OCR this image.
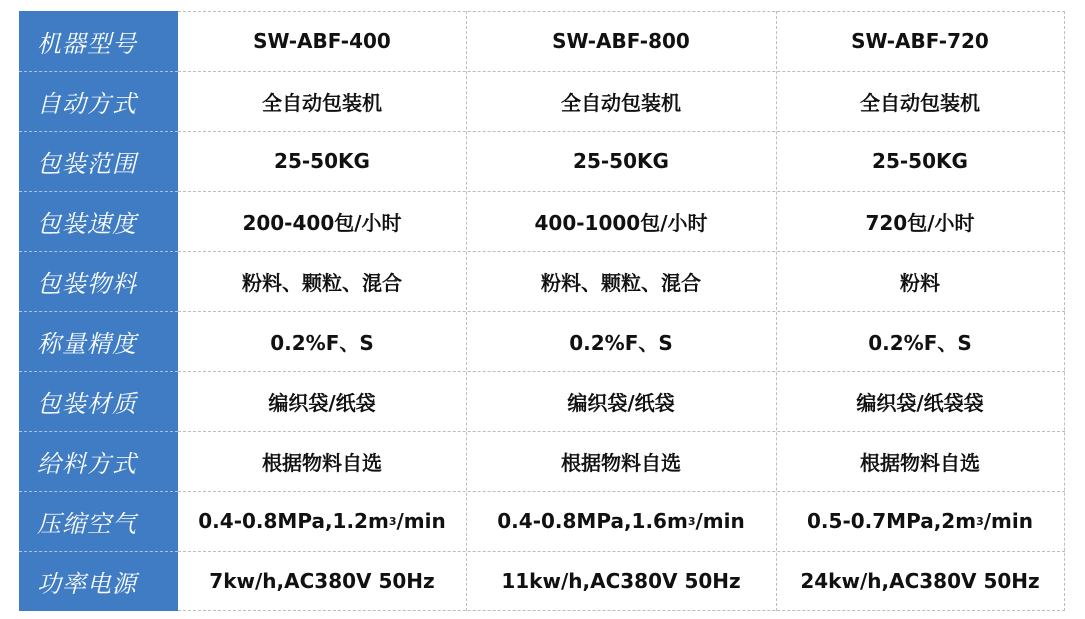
机器型号
自动方式
包装范围
包装速度
包装物料
称量精度
包装材质
给料方式
压缩空气
功率电源
SW-ABF-400
全自动包装机
25-50KG
200-400包/小时
粉料、颗粒、混合
0.2%F、S
编织袋/纸袋
根据物料自选
0.4-0.8MPa,1.2m 3 /min
7kw/h,AC380V 50Hz
SW-ABF-800
全自动包装机
25-50KG
400-1000包/小时
粉料、颗粒、混合
0.2%F、S
编织袋/纸袋
根据物料自选
0.4-0.8MPa,1.6m 3 /min
11kw/h,AC380V 50Hz
SW-ABF-720
全自动包装机
25-50KG
720包/小时
粉料
0.2%F、S
编织袋/纸袋袋
根据物料自选
0.5-0.7MPa,2m 3 /min
24kw/h,AC380V 50Hz
